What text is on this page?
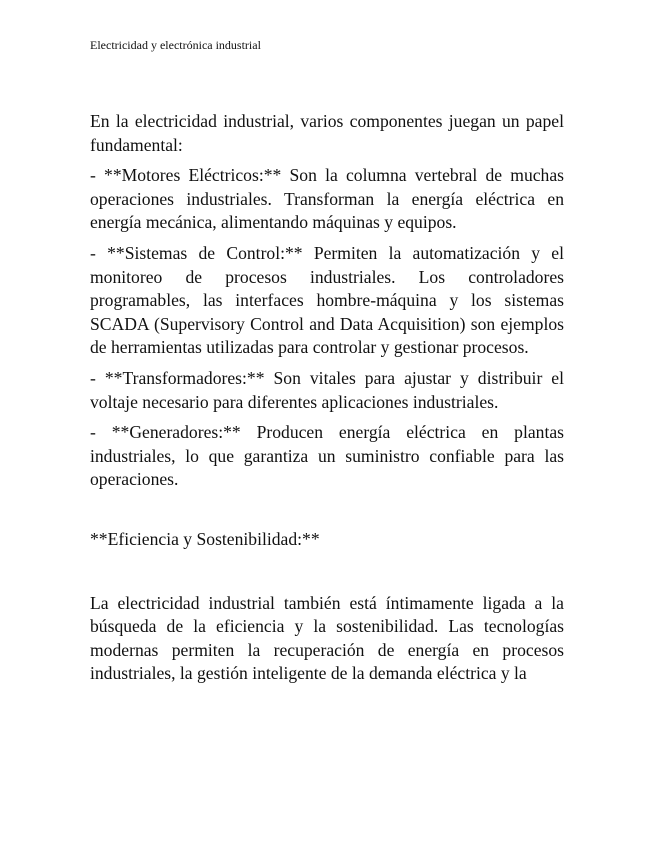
Electricidad y electrónica industrial

En la electricidad industrial, varios componentes juegan un papel fundamental:

- **Motores Eléctricos:** Son la columna vertebral de muchas operaciones industriales. Transforman la energía eléctrica en energía mecánica, alimentando máquinas y equipos.

- **Sistemas de Control:** Permiten la automatización y el monitoreo de procesos industriales. Los controladores programables, las interfaces hombre-máquina y los sistemas SCADA (Supervisory Control and Data Acquisition) son ejemplos de herramientas utilizadas para controlar y gestionar procesos.

- **Transformadores:** Son vitales para ajustar y distribuir el voltaje necesario para diferentes aplicaciones industriales.

- **Generadores:** Producen energía eléctrica en plantas industriales, lo que garantiza un suministro confiable para las operaciones.

**Eficiencia y Sostenibilidad:**

La electricidad industrial también está íntimamente ligada a la búsqueda de la eficiencia y la sostenibilidad. Las tecnologías modernas permiten la recuperación de energía en procesos industriales, la gestión inteligente de la demanda eléctrica y la
